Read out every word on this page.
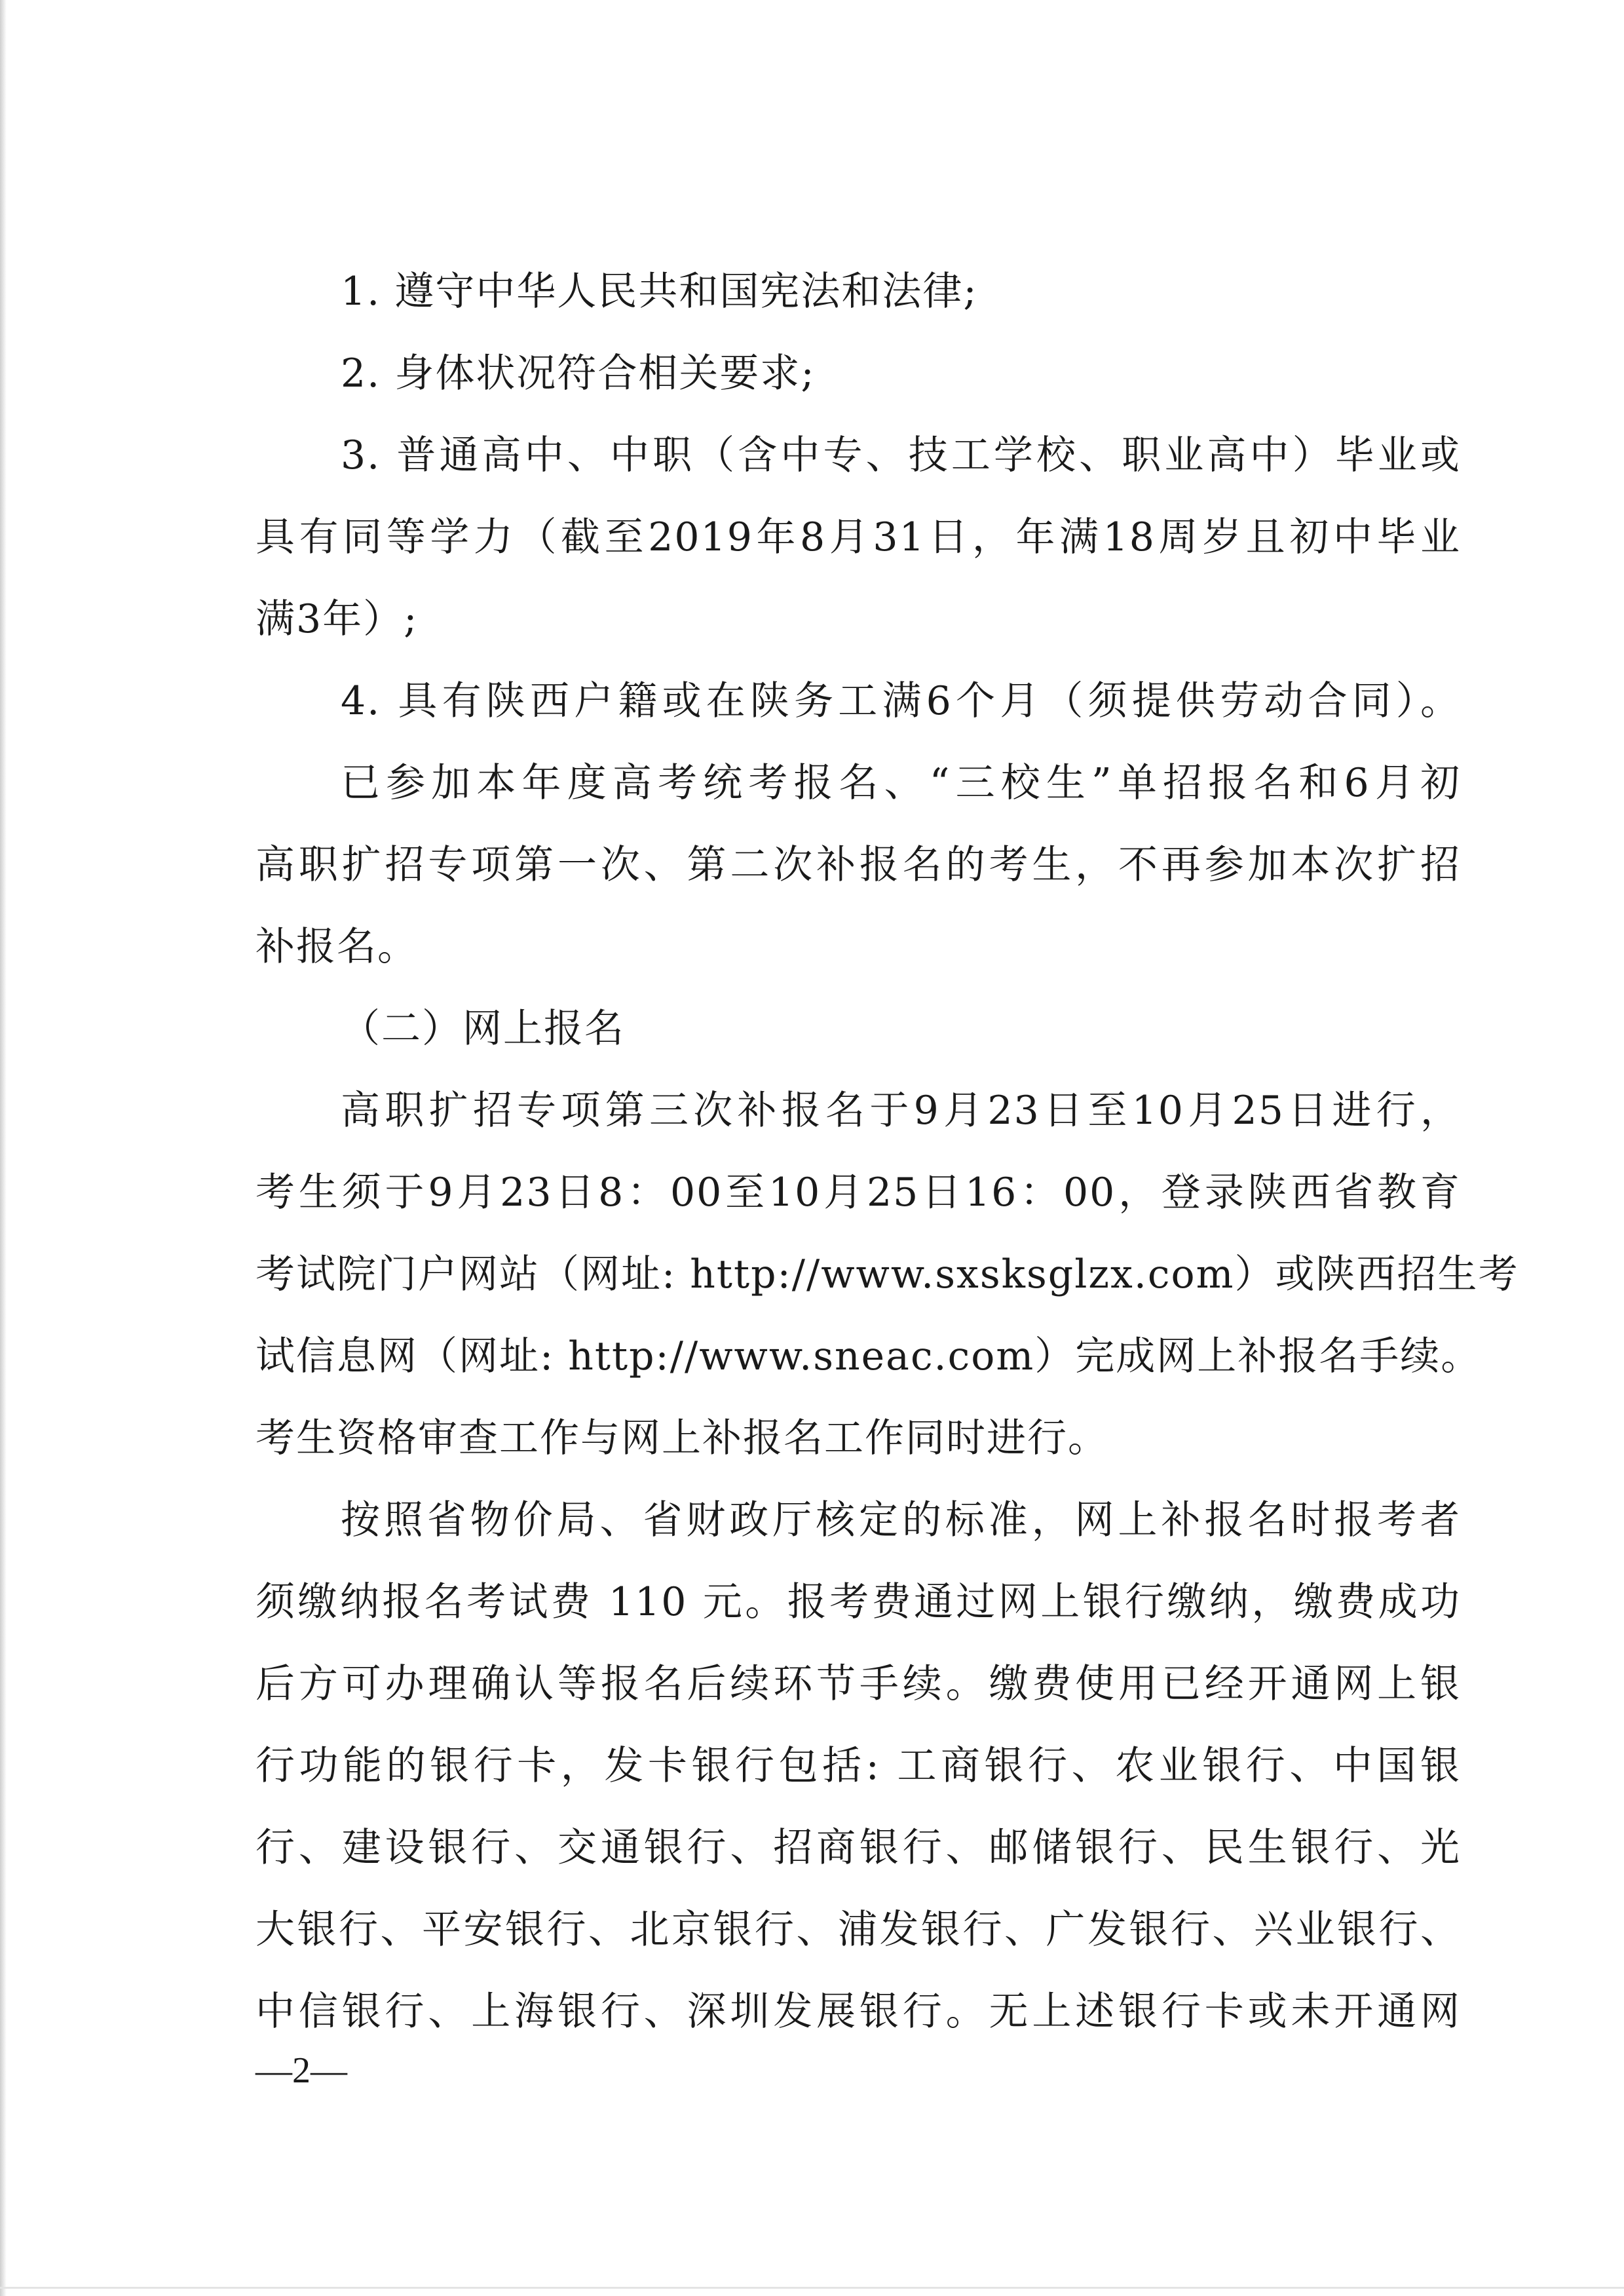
1. 遵守中华人民共和国宪法和法律;
2. 身体状况符合相关要求;
3. 普通高中、中职（含中专、技工学校、职业高中）毕业或
具有同等学力（截至2019年8月31日，年满18周岁且初中毕业
满3年）;
4. 具有陕西户籍或在陕务工满6个月（须提供劳动合同）。
已参加本年度高考统考报名、“三校生”单招报名和6月初
高职扩招专项第一次、第二次补报名的考生，不再参加本次扩招
补报名。
（二）网上报名
高职扩招专项第三次补报名于9月23日至10月25日进行，
考生须于9月23日8：00至10月25日16：00，登录陕西省教育
考试院门户网站（网址: http://www.sxsksglzx.com）或陕西招生考
试信息网（网址: http://www.sneac.com）完成网上补报名手续。
考生资格审查工作与网上补报名工作同时进行。
按照省物价局、省财政厅核定的标准，网上补报名时报考者
须缴纳报名考试费 110 元。报考费通过网上银行缴纳，缴费成功
后方可办理确认等报名后续环节手续。缴费使用已经开通网上银
行功能的银行卡，发卡银行包括: 工商银行、农业银行、中国银
行、建设银行、交通银行、招商银行、邮储银行、民生银行、光
大银行、平安银行、北京银行、浦发银行、广发银行、兴业银行、
中信银行、上海银行、深圳发展银行。无上述银行卡或未开通网
—2—
